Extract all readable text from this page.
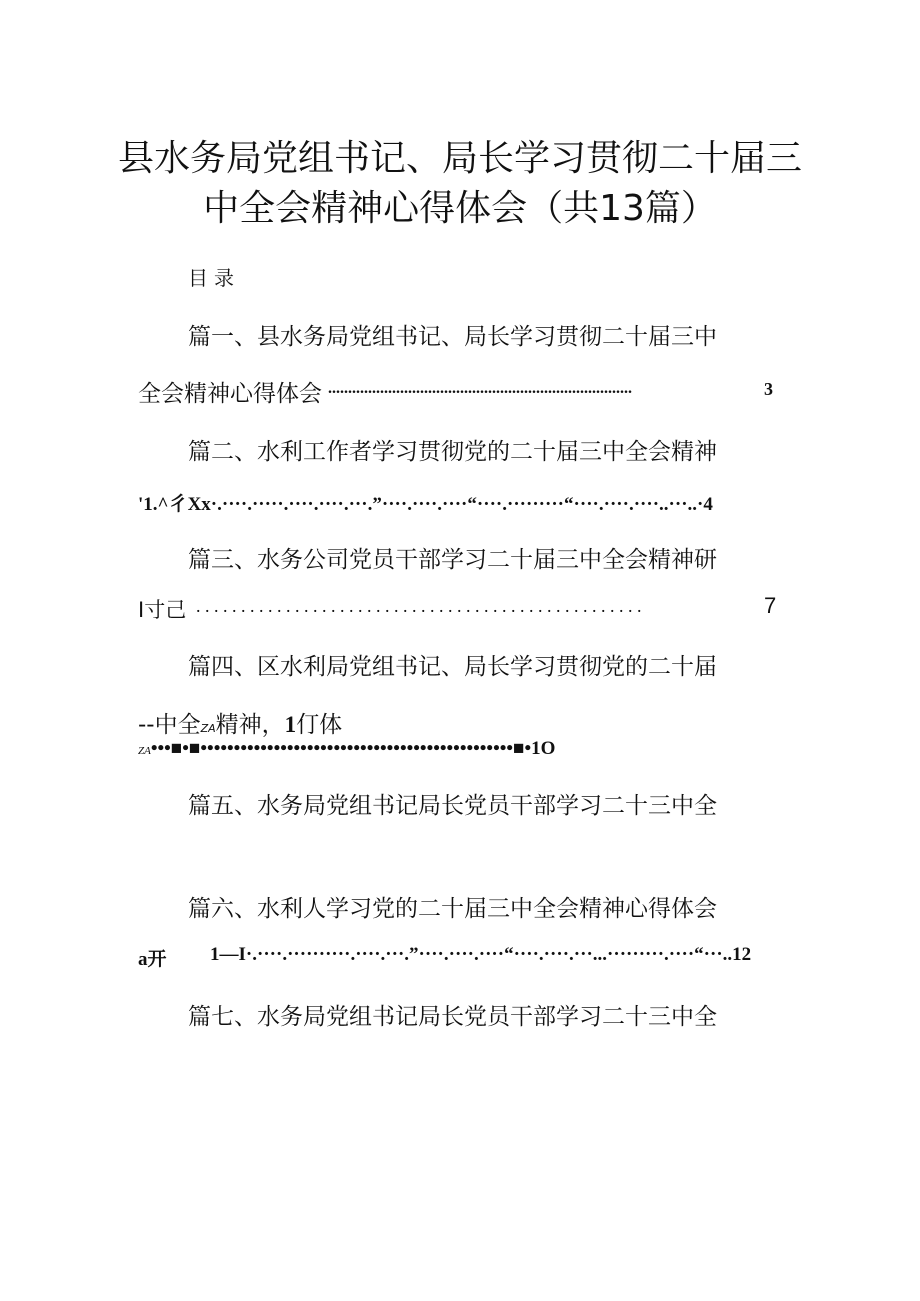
县水务局党组书记、局长学习贯彻二十届三
中全会精神心得体会（共13篇）
目录
篇一、县水务局党组书记、局长学习贯彻二十届三中
全会精神心得体会 ............................................................................	3
篇二、水利工作者学习贯彻党的二十届三中全会精神
'1.^彳Xx·.····.·····.····.····.···.”····.····.····“····.·········“····.····.····..···..·4
篇三、水务公司党员干部学习二十届三中全会精神研
I寸己 . . . . . . . . . . . . . . . . . . . . . . . . . . . . . . . . . . . . . . . . . . . . . . . . . .	7
篇四、区水利局党组书记、局长学习贯彻党的二十届
--中全ZA精神，1仃体
ZA•••■•■•••••••••••••••••••••••••••••••••••••••••••••••■•1O
篇五、水务局党组书记局长党员干部学习二十三中全
篇六、水利人学习党的二十届三中全会精神心得体会
a开 1—I·.····.··········.····.···.”····.····.····“····.····.···...·········.····“···..12
篇七、水务局党组书记局长党员干部学习二十三中全
